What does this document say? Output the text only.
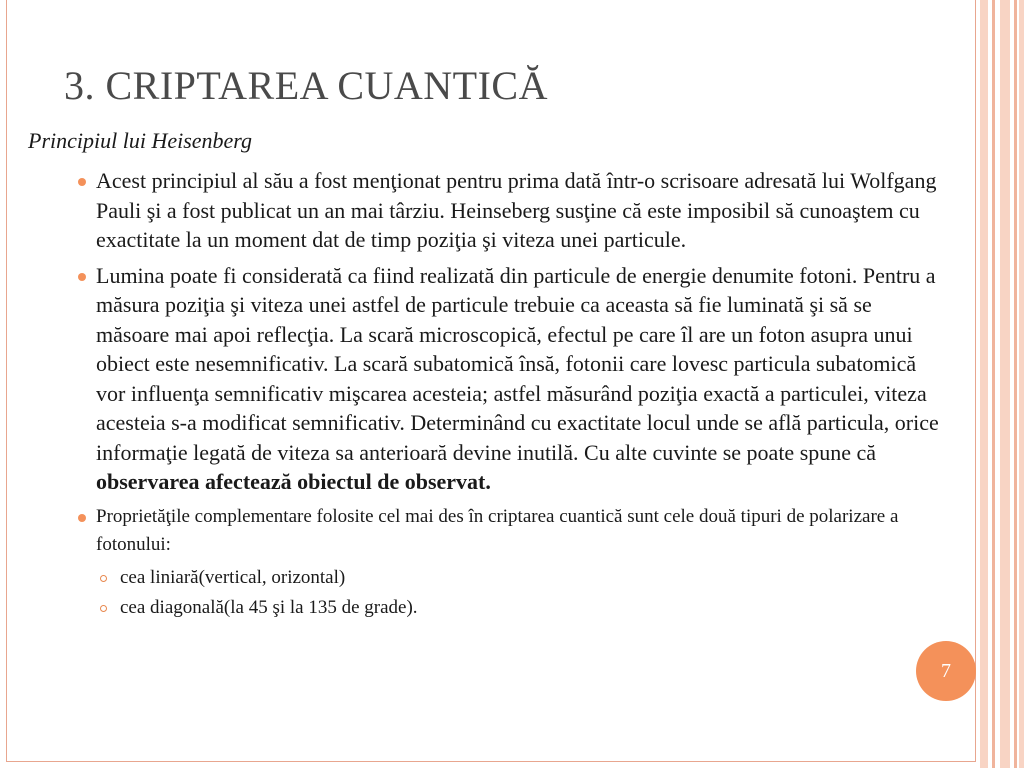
3. CRIPTAREA CUANTICĂ
Principiul lui Heisenberg
Acest principiul al său a fost menţionat pentru prima dată într-o scrisoare adresată lui Wolfgang Pauli şi a fost publicat un an mai târziu. Heinseberg susţine că este imposibil să cunoaştem cu exactitate la un moment dat de timp poziţia şi viteza unei particule.
Lumina poate fi considerată ca fiind realizată din particule de energie denumite fotoni. Pentru a măsura poziţia şi viteza unei astfel de particule trebuie ca aceasta să fie luminată şi să se măsoare mai apoi reflecţia. La scară microscopică, efectul pe care îl are un foton asupra unui obiect este nesemnificativ. La scară subatomică însă, fotonii care lovesc particula subatomică vor influenţa semnificativ mişcarea acesteia; astfel măsurând poziţia exactă a particulei, viteza acesteia s-a modificat semnificativ. Determinând cu exactitate locul unde se află particula, orice informaţie legată de viteza sa anterioară devine inutilă. Cu alte cuvinte se poate spune că observarea afectează obiectul de observat.
Proprietăţile complementare folosite cel mai des în criptarea cuantică sunt cele două tipuri de polarizare a fotonului:
cea liniară(vertical, orizontal)
cea diagonală(la 45 şi la 135 de grade).
7
